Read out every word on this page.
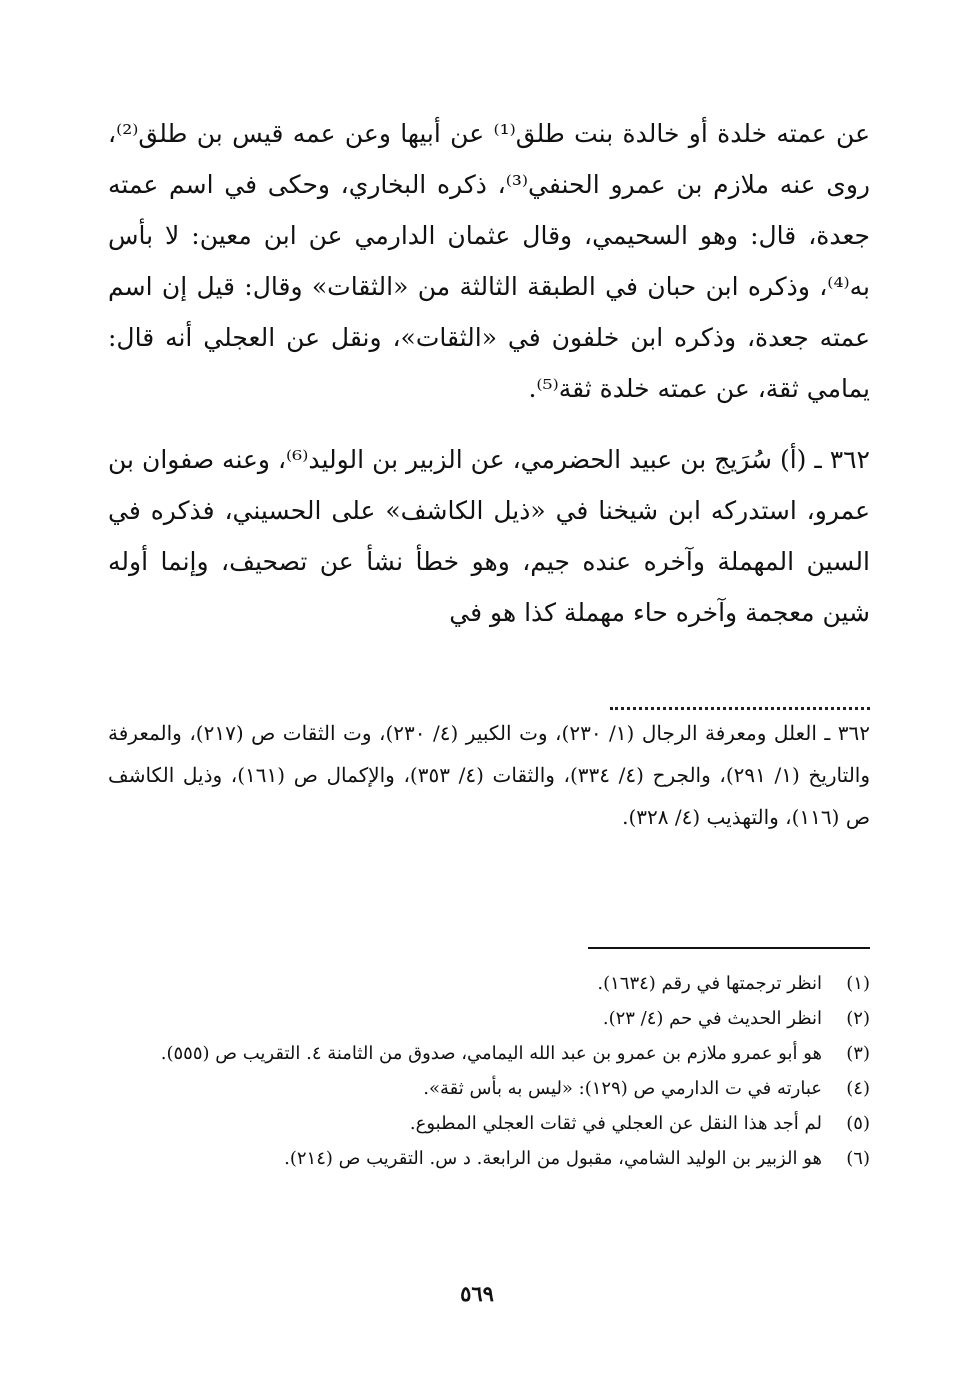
عن عمته خلدة أو خالدة بنت طلق⁽¹⁾ عن أبيها وعن عمه قيس بن طلق⁽²⁾، روى عنه ملازم بن عمرو الحنفي⁽³⁾، ذكره البخاري، وحكى في اسم عمته جعدة، قال: وهو السحيمي، وقال عثمان الدارمي عن ابن معين: لا بأس به⁽⁴⁾، وذكره ابن حبان في الطبقة الثالثة من «الثقات» وقال: قيل إن اسم عمته جعدة، وذكره ابن خلفون في «الثقات»، ونقل عن العجلي أنه قال: يمامي ثقة، عن عمته خلدة ثقة⁽⁵⁾.

٣٦٢ ـ (أ) سُرَيج بن عبيد الحضرمي، عن الزبير بن الوليد⁽⁶⁾، وعنه صفوان بن عمرو، استدركه ابن شيخنا في «ذيل الكاشف» على الحسيني، فذكره في السين المهملة وآخره عنده جيم، وهو خطأ نشأ عن تصحيف، وإنما أوله شين معجمة وآخره حاء مهملة كذا هو في

٣٦٢ ـ العلل ومعرفة الرجال (١/ ٢٣٠)، وت الكبير (٤/ ٢٣٠)، وت الثقات ص (٢١٧)، والمعرفة والتاريخ (١/ ٢٩١)، والجرح (٤/ ٣٣٤)، والثقات (٤/ ٣٥٣)، والإكمال ص (١٦١)، وذيل الكاشف ص (١١٦)، والتهذيب (٤/ ٣٢٨).

(١)
انظر ترجمتها في رقم (١٦٣٤).
(٢)
انظر الحديث في حم (٤/ ٢٣).
(٣)
هو أبو عمرو ملازم بن عمرو بن عبد الله اليمامي، صدوق من الثامنة ٤. التقريب ص (٥٥٥).
(٤)
عبارته في ت الدارمي ص (١٢٩): «ليس به بأس ثقة».
(٥)
لم أجد هذا النقل عن العجلي في ثقات العجلي المطبوع.
(٦)
هو الزبير بن الوليد الشامي، مقبول من الرابعة. د س. التقريب ص (٢١٤).
٥٦٩
